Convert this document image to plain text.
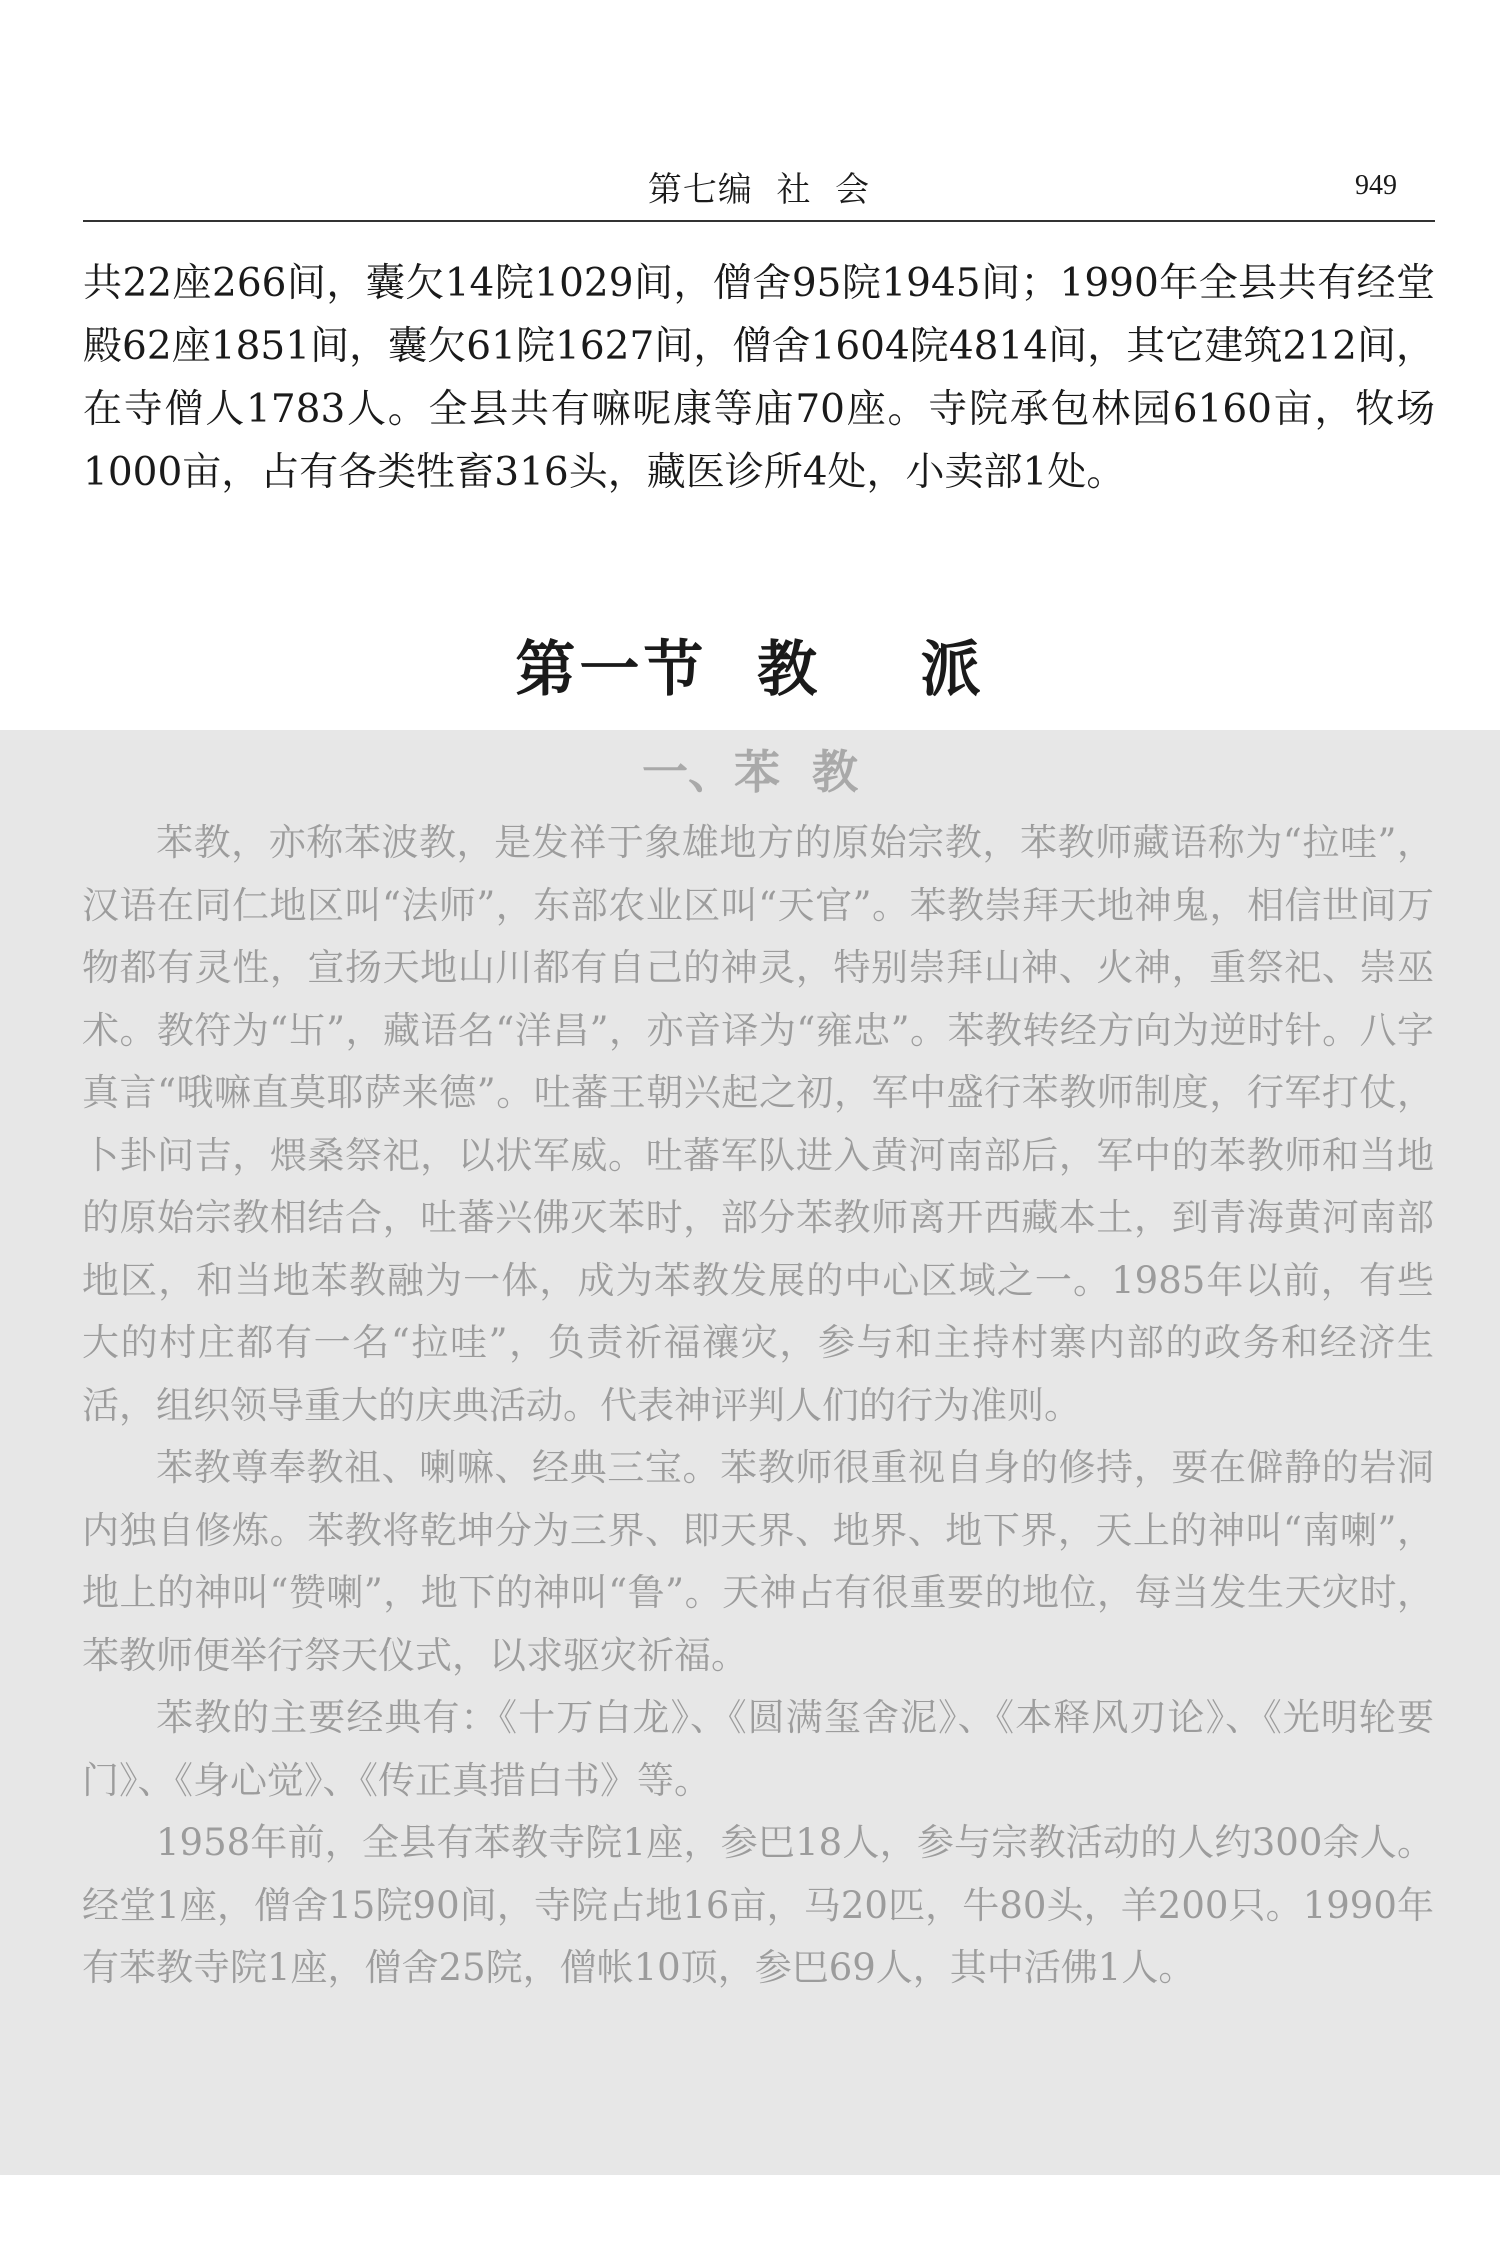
第七编  社  会	949

共22座266间，囊欠14院1029间，僧舍95院1945间；1990年全县共有经堂殿62座1851间，囊欠61院1627间，僧舍1604院4814间，其它建筑212间，在寺僧人1783人。全县共有嘛呢康等庙70座。寺院承包林园6160亩，牧场1000亩，占有各类牲畜316头，藏医诊所4处，小卖部1处。

第一节  教    派
一、苯  教

苯教，亦称苯波教，是发祥于象雄地方的原始宗教，苯教师藏语称为“拉哇”，汉语在同仁地区叫“法师”，东部农业区叫“天官”。苯教崇拜天地神鬼，相信世间万物都有灵性，宣扬天地山川都有自己的神灵，特别崇拜山神、火神，重祭祀、崇巫术。教符为“卐”，藏语名“洋昌”，亦音译为“雍忠”。苯教转经方向为逆时针。八字真言“哦嘛直莫耶萨来德”。吐蕃王朝兴起之初，军中盛行苯教师制度，行军打仗，卜卦问吉，煨桑祭祀，以状军威。吐蕃军队进入黄河南部后，军中的苯教师和当地的原始宗教相结合，吐蕃兴佛灭苯时，部分苯教师离开西藏本土，到青海黄河南部地区，和当地苯教融为一体，成为苯教发展的中心区域之一。1985年以前，有些大的村庄都有一名“拉哇”，负责祈福禳灾，参与和主持村寨内部的政务和经济生活，组织领导重大的庆典活动。代表神评判人们的行为准则。

苯教尊奉教祖、喇嘛、经典三宝。苯教师很重视自身的修持，要在僻静的岩洞内独自修炼。苯教将乾坤分为三界、即天界、地界、地下界，天上的神叫“南喇”，地上的神叫“赞喇”，地下的神叫“鲁”。天神占有很重要的地位，每当发生天灾时，苯教师便举行祭天仪式，以求驱灾祈福。

苯教的主要经典有：《十万白龙》、《圆满玺舍泥》、《本释风刃论》、《光明轮要门》、《身心觉》、《传正真措白书》等。

1958年前，全县有苯教寺院1座，参巴18人，参与宗教活动的人约300余人。经堂1座，僧舍15院90间，寺院占地16亩，马20匹，牛80头，羊200只。1990年有苯教寺院1座，僧舍25院，僧帐10顶，参巴69人，其中活佛1人。
